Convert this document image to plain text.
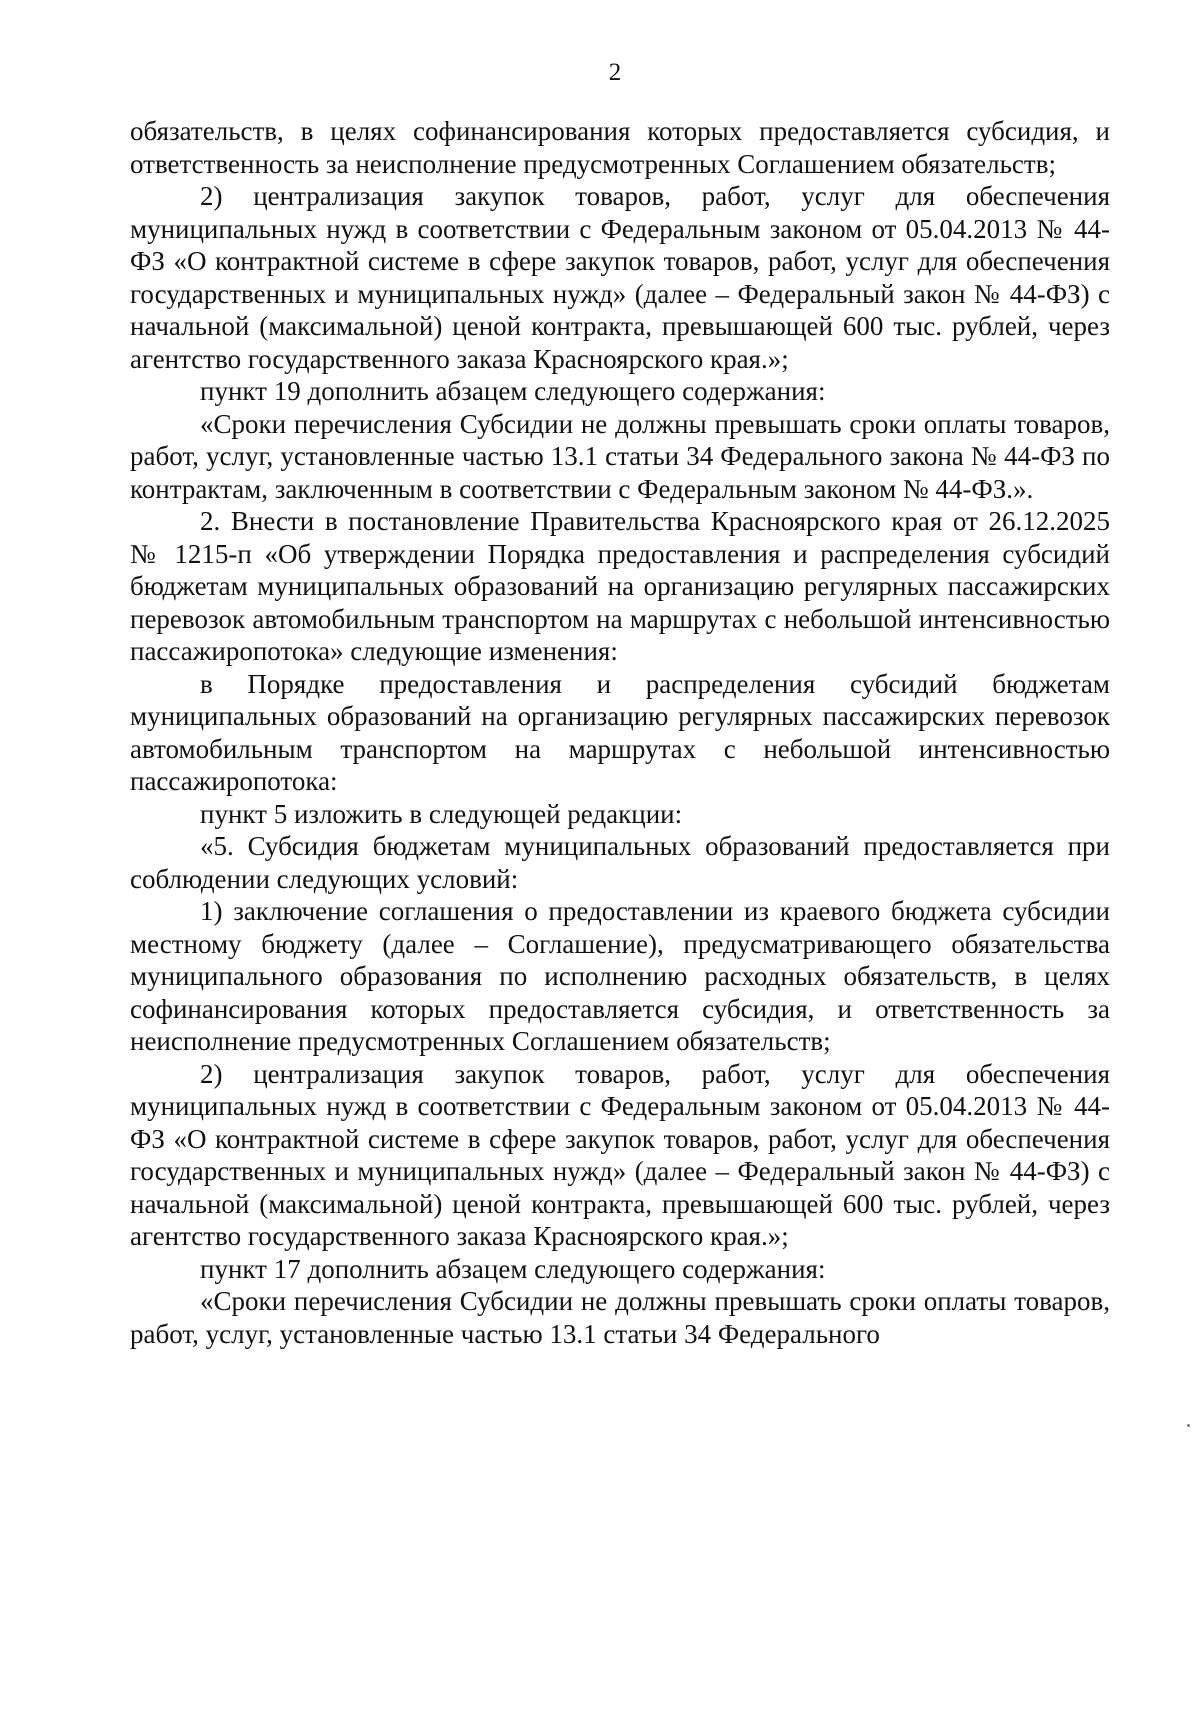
2

обязательств, в целях софинансирования которых предоставляется субсидия, и ответственность за неисполнение предусмотренных Соглашением обязательств;

2) централизация закупок товаров, работ, услуг для обеспечения муниципальных нужд в соответствии с Федеральным законом от 05.04.2013 № 44-ФЗ «О контрактной системе в сфере закупок товаров, работ, услуг для обеспечения государственных и муниципальных нужд» (далее – Федеральный закон № 44-ФЗ) с начальной (максимальной) ценой контракта, превышающей 600 тыс. рублей, через агентство государственного заказа Красноярского края.»;

пункт 19 дополнить абзацем следующего содержания:

«Сроки перечисления Субсидии не должны превышать сроки оплаты товаров, работ, услуг, установленные частью 13.1 статьи 34 Федерального закона № 44-ФЗ по контрактам, заключенным в соответствии с Федеральным законом № 44-ФЗ.».

2. Внести в постановление Правительства Красноярского края от 26.12.2025 № 1215-п «Об утверждении Порядка предоставления и распределения субсидий бюджетам муниципальных образований на организацию регулярных пассажирских перевозок автомобильным транспортом на маршрутах с небольшой интенсивностью пассажиропотока» следующие изменения:

в Порядке предоставления и распределения субсидий бюджетам муниципальных образований на организацию регулярных пассажирских перевозок автомобильным транспортом на маршрутах с небольшой интенсивностью пассажиропотока:

пункт 5 изложить в следующей редакции:

«5. Субсидия бюджетам муниципальных образований предоставляется при соблюдении следующих условий:

1) заключение соглашения о предоставлении из краевого бюджета субсидии местному бюджету (далее – Соглашение), предусматривающего обязательства муниципального образования по исполнению расходных обязательств, в целях софинансирования которых предоставляется субсидия, и ответственность за неисполнение предусмотренных Соглашением обязательств;

2) централизация закупок товаров, работ, услуг для обеспечения муниципальных нужд в соответствии с Федеральным законом от 05.04.2013 № 44-ФЗ «О контрактной системе в сфере закупок товаров, работ, услуг для обеспечения государственных и муниципальных нужд» (далее – Федеральный закон № 44-ФЗ) с начальной (максимальной) ценой контракта, превышающей 600 тыс. рублей, через агентство государственного заказа Красноярского края.»;

пункт 17 дополнить абзацем следующего содержания:

«Сроки перечисления Субсидии не должны превышать сроки оплаты товаров, работ, услуг, установленные частью 13.1 статьи 34 Федерального
